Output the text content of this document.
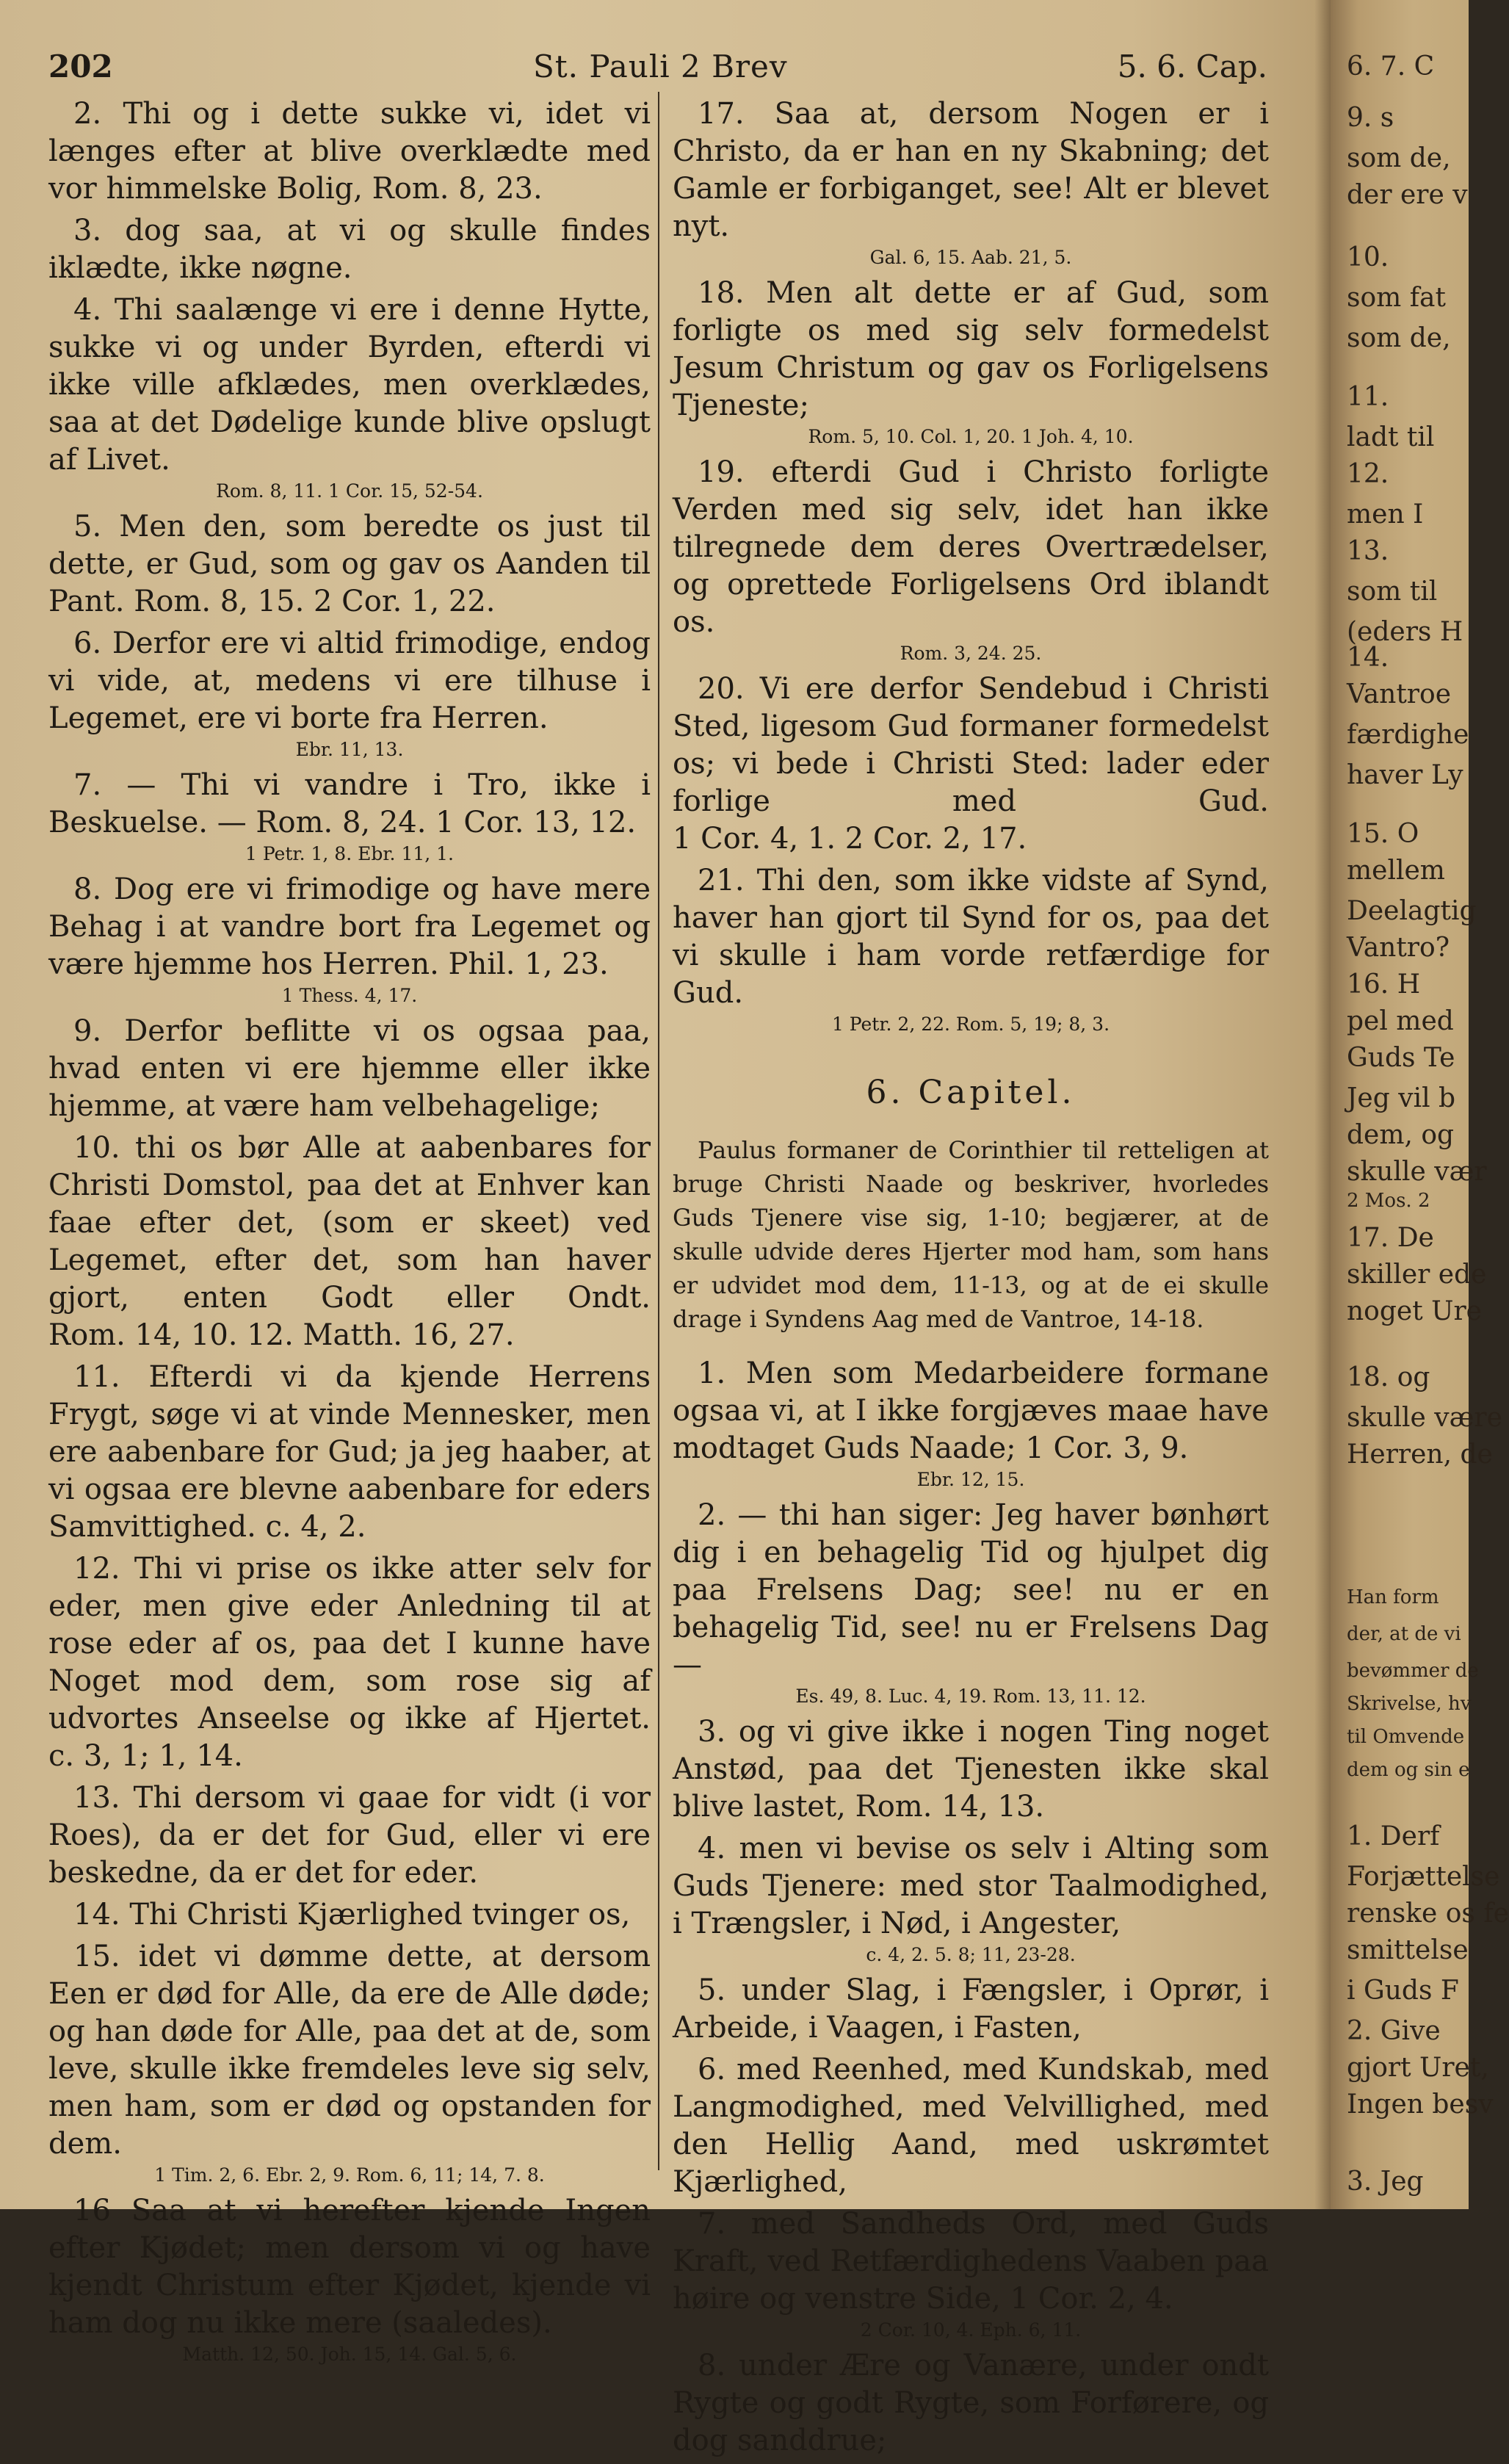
202	St. Pauli 2 Brev	5. 6. Cap.

2. Thi og i dette sukke vi, idet vi længes efter at blive overklædte med vor himmelske Bolig, Rom. 8, 23.

3. dog saa, at vi og skulle findes iklædte, ikke nøgne.

4. Thi saalænge vi ere i denne Hytte, sukke vi og under Byrden, efterdi vi ikke ville afklædes, men overklædes, saa at det Dødelige kunde blive opslugt af Livet.

Rom. 8, 11. 1 Cor. 15, 52-54.

5. Men den, som beredte os just til dette, er Gud, som og gav os Aanden til Pant. Rom. 8, 15. 2 Cor. 1, 22.

6. Derfor ere vi altid frimodige, endog vi vide, at, medens vi ere tilhuse i Legemet, ere vi borte fra Herren.

Ebr. 11, 13.

7. — Thi vi vandre i Tro, ikke i Beskuelse. — Rom. 8, 24. 1 Cor. 13, 12.

1 Petr. 1, 8. Ebr. 11, 1.

8. Dog ere vi frimodige og have mere Behag i at vandre bort fra Legemet og være hjemme hos Herren. Phil. 1, 23.

1 Thess. 4, 17.

9. Derfor beflitte vi os ogsaa paa, hvad enten vi ere hjemme eller ikke hjemme, at være ham velbehagelige;

10. thi os bør Alle at aabenbares for Christi Domstol, paa det at Enhver kan faae efter det, (som er skeet) ved Legemet, efter det, som han haver gjort, enten Godt eller Ondt. Rom. 14, 10. 12. Matth. 16, 27.

11. Efterdi vi da kjende Herrens Frygt, søge vi at vinde Mennesker, men ere aabenbare for Gud; ja jeg haaber, at vi ogsaa ere blevne aabenbare for eders Samvittighed. c. 4, 2.

12. Thi vi prise os ikke atter selv for eder, men give eder Anledning til at rose eder af os, paa det I kunne have Noget mod dem, som rose sig af udvortes Anseelse og ikke af Hjertet. c. 3, 1; 1, 14.

13. Thi dersom vi gaae for vidt (i vor Roes), da er det for Gud, eller vi ere beskedne, da er det for eder.

14. Thi Christi Kjærlighed tvinger os,

15. idet vi dømme dette, at dersom Een er død for Alle, da ere de Alle døde; og han døde for Alle, paa det at de, som leve, skulle ikke fremdeles leve sig selv, men ham, som er død og opstanden for dem.

1 Tim. 2, 6. Ebr. 2, 9. Rom. 6, 11; 14, 7. 8.

16 Saa at vi herefter kjende Ingen efter Kjødet; men dersom vi og have kjendt Christum efter Kjødet, kjende vi ham dog nu ikke mere (saaledes).

Matth. 12, 50. Joh. 15, 14. Gal. 5, 6.

17. Saa at, dersom Nogen er i Christo, da er han en ny Skabning; det Gamle er forbiganget, see! Alt er blevet nyt.

Gal. 6, 15. Aab. 21, 5.

18. Men alt dette er af Gud, som forligte os med sig selv formedelst Jesum Christum og gav os Forligelsens Tjeneste;

Rom. 5, 10. Col. 1, 20. 1 Joh. 4, 10.

19. efterdi Gud i Christo forligte Verden med sig selv, idet han ikke tilregnede dem deres Overtrædelser, og oprettede Forligelsens Ord iblandt os.

Rom. 3, 24. 25.

20. Vi ere derfor Sendebud i Christi Sted, ligesom Gud formaner formedelst os; vi bede i Christi Sted: lader eder forlige med Gud. 1 Cor. 4, 1. 2 Cor. 2, 17.

21. Thi den, som ikke vidste af Synd, haver han gjort til Synd for os, paa det vi skulle i ham vorde retfærdige for Gud.

1 Petr. 2, 22. Rom. 5, 19; 8, 3.

6. Capitel.

Paulus formaner de Corinthier til retteligen at bruge Christi Naade og beskriver, hvorledes Guds Tjenere vise sig, 1-10; begjærer, at de skulle udvide deres Hjerter mod ham, som hans er udvidet mod dem, 11-13, og at de ei skulle drage i Syndens Aag med de Vantroe, 14-18.

1. Men som Medarbeidere formane ogsaa vi, at I ikke forgjæves maae have modtaget Guds Naade; 1 Cor. 3, 9.

Ebr. 12, 15.

2. — thi han siger: Jeg haver bønhørt dig i en behagelig Tid og hjulpet dig paa Frelsens Dag; see! nu er en behagelig Tid, see! nu er Frelsens Dag —

Es. 49, 8. Luc. 4, 19. Rom. 13, 11. 12.

3. og vi give ikke i nogen Ting noget Anstød, paa det Tjenesten ikke skal blive lastet, Rom. 14, 13.

4. men vi bevise os selv i Alting som Guds Tjenere: med stor Taalmodighed, i Trængsler, i Nød, i Angester,

c. 4, 2. 5. 8; 11, 23-28.

5. under Slag, i Fængsler, i Oprør, i Arbeide, i Vaagen, i Fasten,

6. med Reenhed, med Kundskab, med Langmodighed, med Velvillighed, med den Hellig Aand, med uskrømtet Kjærlighed,

7. med Sandheds Ord, med Guds Kraft, ved Retfærdighedens Vaaben paa høire og venstre Side, 1 Cor. 2, 4.

2 Cor. 10, 4. Eph. 6, 11.

8. under Ære og Vanære, under ondt Rygte og godt Rygte, som Forførere, og dog sanddrue;

6. 7. C
9. s
som de,
der ere v
10.
som fat
som de,
11.
ladt til
12.
men I
13.
som til
(eders H
14.
Vantroe
færdighe
haver Ly
15. O
mellem
Deelagtig
Vantro?
16. H
pel med
Guds Te
Jeg vil b
dem, og
skulle vær
2 Mos. 2
17. De
skiller ede
noget Ure
18. og
skulle være
Herren, de
Han form
der, at de vi
bevømmer de
Skrivelse, hv
til Omvende
dem og sin e
1. Derf
Forjættelse
renske os fe
smittelse
i Guds F
2. Give
gjort Uret,
Ingen besv
3. Jeg
